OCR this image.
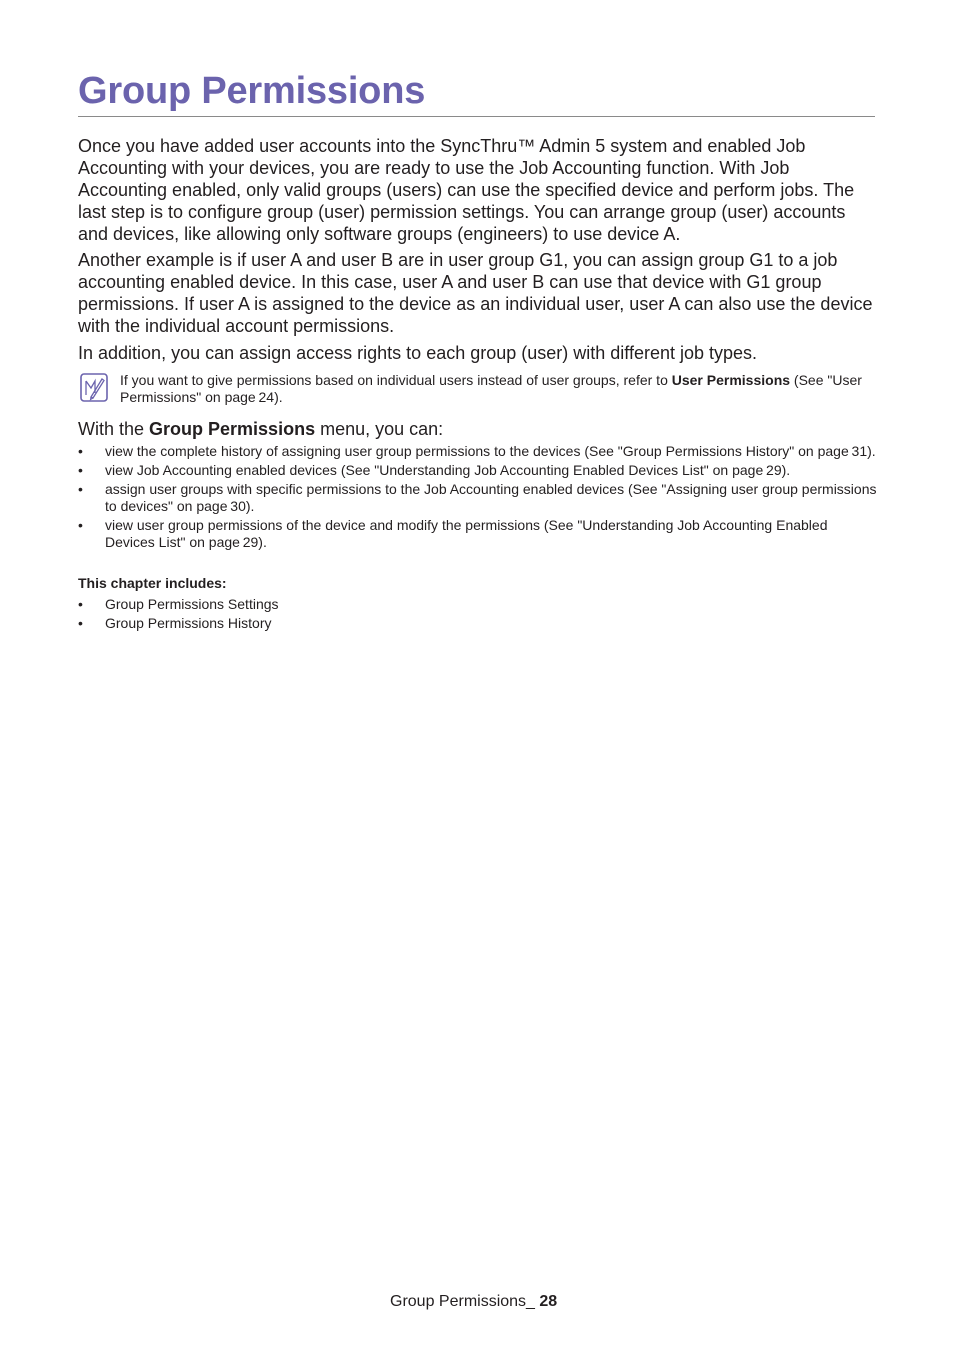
Group Permissions

Once you have added user accounts into the SyncThru™ Admin 5 system and enabled Job Accounting with your devices, you are ready to use the Job Accounting function. With Job Accounting enabled, only valid groups (users) can use the specified device and perform jobs. The last step is to configure group (user) permission settings. You can arrange group (user) accounts and devices, like allowing only software groups (engineers) to use device A.

Another example is if user A and user B are in user group G1, you can assign group G1 to a job accounting enabled device. In this case, user A and user B can use that device with G1 group permissions. If user A is assigned to the device as an individual user, user A can also use the device with the individual account permissions.

In addition, you can assign access rights to each group (user) with different job types.

If you want to give permissions based on individual users instead of user groups, refer to User Permissions (See "User Permissions" on page 24).

With the Group Permissions menu, you can:

• view the complete history of assigning user group permissions to the devices (See "Group Permissions History" on page 31).
• view Job Accounting enabled devices (See "Understanding Job Accounting Enabled Devices List" on page 29).
• assign user groups with specific permissions to the Job Accounting enabled devices (See "Assigning user group permissions to devices" on page 30).
• view user group permissions of the device and modify the permissions (See "Understanding Job Accounting Enabled Devices List" on page 29).

This chapter includes:

• Group Permissions Settings
• Group Permissions History

Group Permissions_ 28
